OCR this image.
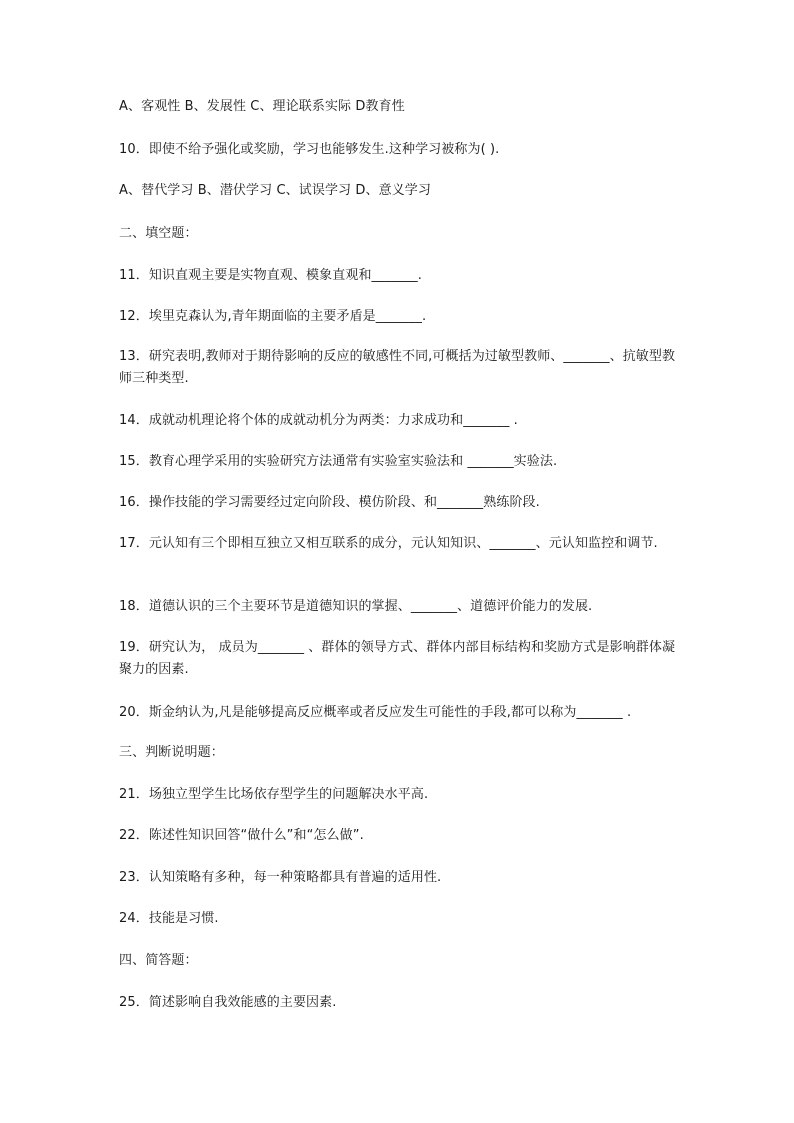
A、客观性 B、发展性 C、理论联系实际 D教育性
10．即使不给予强化或奖励，学习也能够发生.这种学习被称为( ).
A、替代学习 B、潜伏学习 C、试误学习 D、意义学习
二、填空题：
11．知识直观主要是实物直观、模象直观和_______.
12．埃里克森认为,青年期面临的主要矛盾是_______.
13．研究表明,教师对于期待影响的反应的敏感性不同,可概括为过敏型教师、_______、抗敏型教师三种类型.
14．成就动机理论将个体的成就动机分为两类：力求成功和_______ .
15．教育心理学采用的实验研究方法通常有实验室实验法和 _______实验法.
16．操作技能的学习需要经过定向阶段、模仿阶段、和_______熟练阶段.
17．元认知有三个即相互独立又相互联系的成分，元认知知识、_______、元认知监控和调节.
18．道德认识的三个主要环节是道德知识的掌握、_______、道德评价能力的发展.
19．研究认为， 成员为_______ 、群体的领导方式、群体内部目标结构和奖励方式是影响群体凝聚力的因素.
20．斯金纳认为,凡是能够提高反应概率或者反应发生可能性的手段,都可以称为_______ .
三、判断说明题：
21．场独立型学生比场依存型学生的问题解决水平高.
22．陈述性知识回答“做什么”和“怎么做”.
23．认知策略有多种，每一种策略都具有普遍的适用性.
24．技能是习惯.
四、简答题：
25．简述影响自我效能感的主要因素.
